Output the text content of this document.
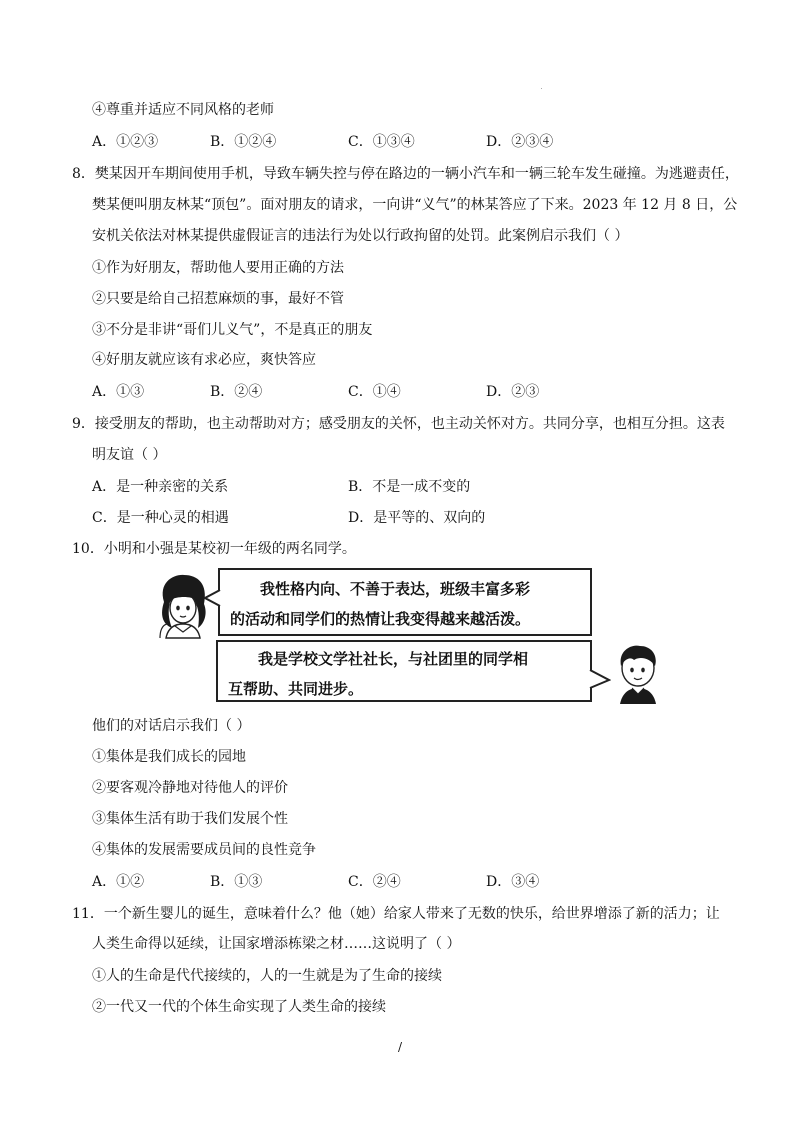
④尊重并适应不同风格的老师
A．①②③	B．①②④	C．①③④	D．②③④
8．樊某因开车期间使用手机，导致车辆失控与停在路边的一辆小汽车和一辆三轮车发生碰撞。为逃避责任，
樊某便叫朋友林某“顶包”。面对朋友的请求，一向讲“义气”的林某答应了下来。2023 年 12 月 8 日，公
安机关依法对林某提供虚假证言的违法行为处以行政拘留的处罚。此案例启示我们（ ）
①作为好朋友，帮助他人要用正确的方法
②只要是给自己招惹麻烦的事，最好不管
③不分是非讲“哥们儿义气”，不是真正的朋友
④好朋友就应该有求必应，爽快答应
A．①③	B．②④	C．①④	D．②③
9．接受朋友的帮助，也主动帮助对方；感受朋友的关怀，也主动关怀对方。共同分享，也相互分担。这表
明友谊（ ）
A．是一种亲密的关系	B．不是一成不变的
C．是一种心灵的相遇	D．是平等的、双向的
10．小明和小强是某校初一年级的两名同学。
我性格内向、不善于表达，班级丰富多彩
的活动和同学们的热情让我变得越来越活泼。
我是学校文学社社长，与社团里的同学相
互帮助、共同进步。
他们的对话启示我们（ ）
①集体是我们成长的园地
②要客观冷静地对待他人的评价
③集体生活有助于我们发展个性
④集体的发展需要成员间的良性竞争
A．①②	B．①③	C．②④	D．③④
11．一个新生婴儿的诞生，意味着什么？他（她）给家人带来了无数的快乐，给世界增添了新的活力；让
人类生命得以延续，让国家增添栋梁之材……这说明了（ ）
①人的生命是代代接续的，人的一生就是为了生命的接续
②一代又一代的个体生命实现了人类生命的接续
/
